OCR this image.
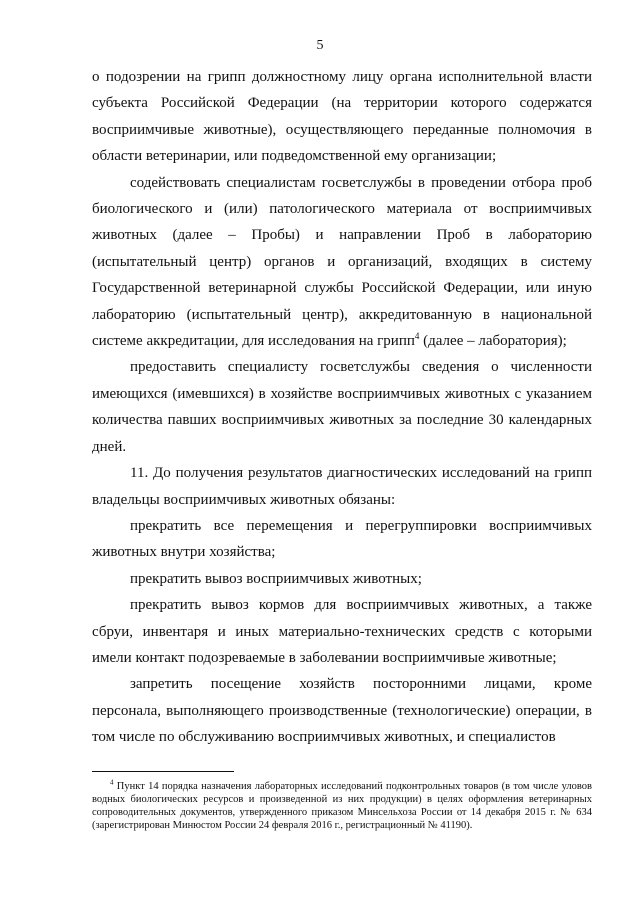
5

о подозрении на грипп должностному лицу органа исполнительной власти субъекта Российской Федерации (на территории которого содержатся восприимчивые животные), осуществляющего переданные полномочия в области ветеринарии, или подведомственной ему организации;

содействовать специалистам госветслужбы в проведении отбора проб биологического и (или) патологического материала от восприимчивых животных (далее – Пробы) и направлении Проб в лабораторию (испытательный центр) органов и организаций, входящих в систему Государственной ветеринарной службы Российской Федерации, или иную лабораторию (испытательный центр), аккредитованную в национальной системе аккредитации, для исследования на грипп$^4$ (далее – лаборатория);

предоставить специалисту госветслужбы сведения о численности имеющихся (имевшихся) в хозяйстве восприимчивых животных с указанием количества павших восприимчивых животных за последние 30 календарных дней.

11. До получения результатов диагностических исследований на грипп владельцы восприимчивых животных обязаны:

прекратить все перемещения и перегруппировки восприимчивых животных внутри хозяйства;

прекратить вывоз восприимчивых животных;

прекратить вывоз кормов для восприимчивых животных, а также сбруи, инвентаря и иных материально-технических средств с которыми имели контакт подозреваемые в заболевании восприимчивые животные;

запретить посещение хозяйств посторонними лицами, кроме персонала, выполняющего производственные (технологические) операции, в том числе по обслуживанию восприимчивых животных, и специалистов

$^4$ Пункт 14 порядка назначения лабораторных исследований подконтрольных товаров (в том числе уловов водных биологических ресурсов и произведенной из них продукции) в целях оформления ветеринарных сопроводительных документов, утвержденного приказом Минсельхоза России от 14 декабря 2015 г. № 634 (зарегистрирован Минюстом России 24 февраля 2016 г., регистрационный № 41190).
